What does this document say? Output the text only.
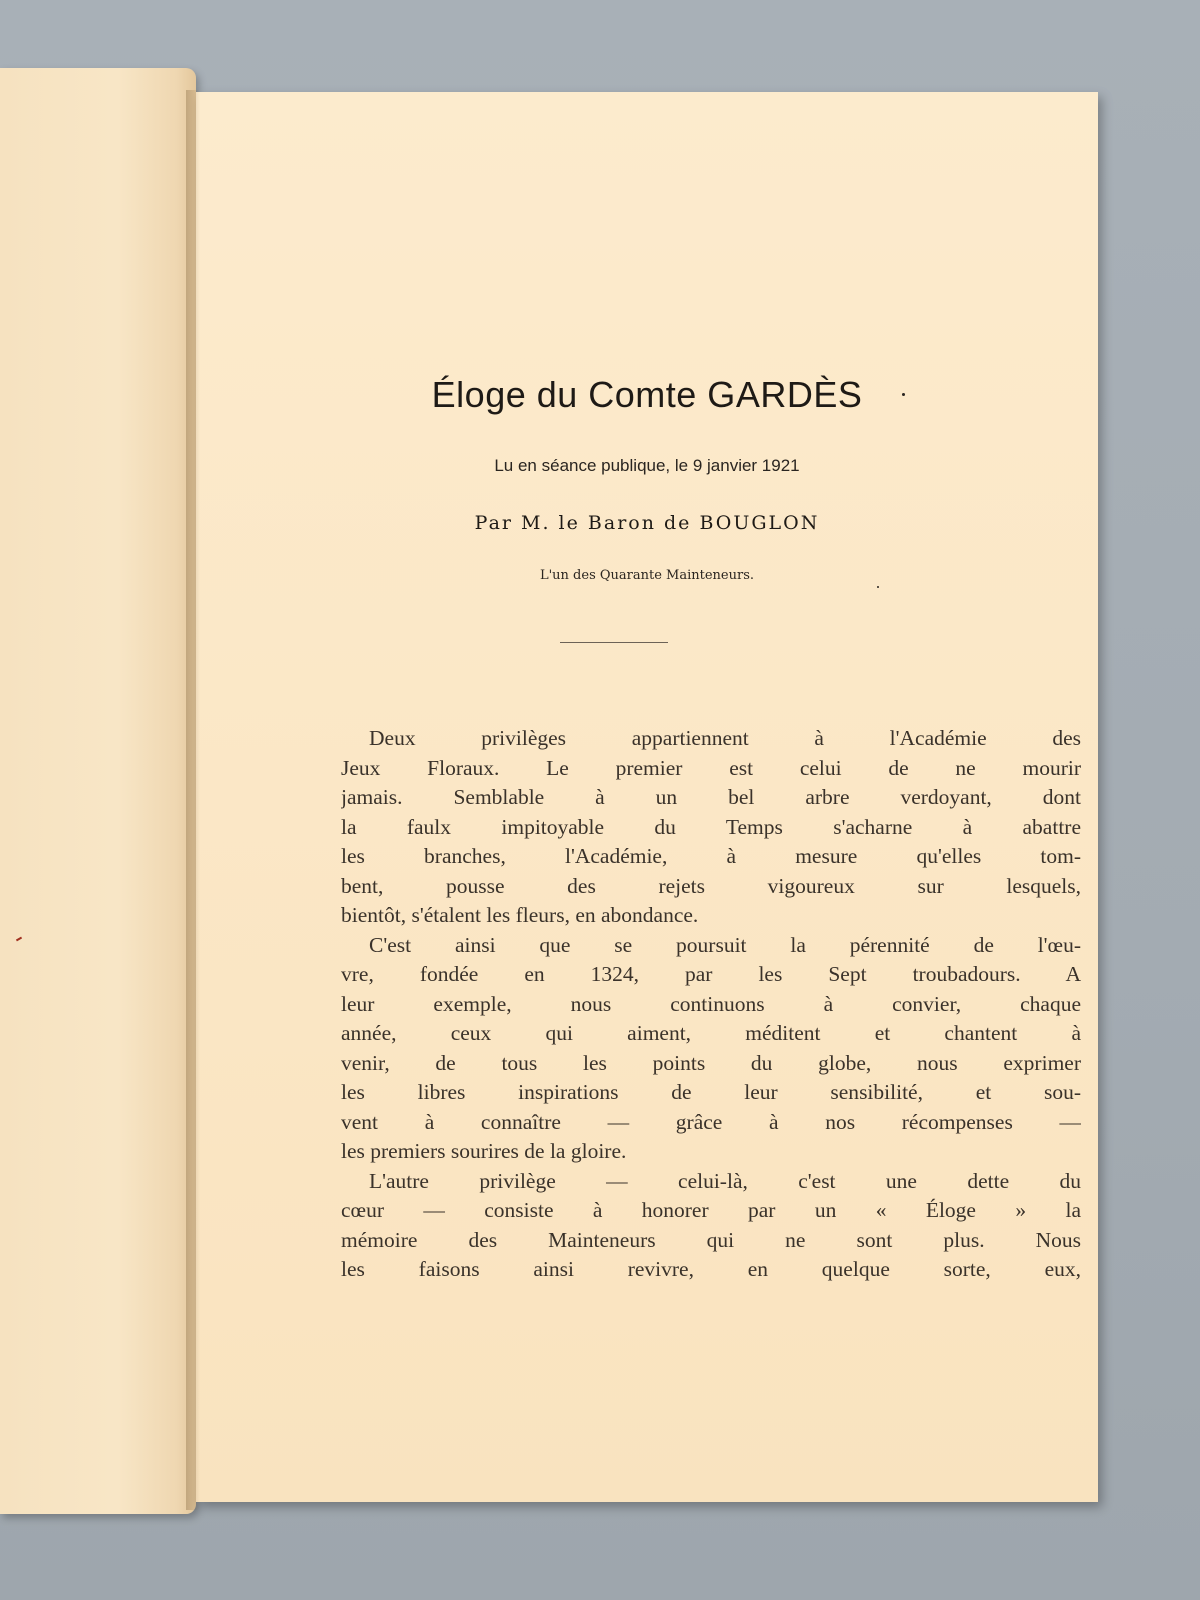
Éloge du Comte GARDÈS
Lu en séance publique, le 9 janvier 1921
Par M. le Baron de BOUGLON
L'un des Quarante Mainteneurs.
Deux privilèges appartiennent à l'Académie des
Jeux Floraux. Le premier est celui de ne mourir
jamais. Semblable à un bel arbre verdoyant, dont
la faulx impitoyable du Temps s'acharne à abattre
les branches, l'Académie, à mesure qu'elles tom-
bent, pousse des rejets vigoureux sur lesquels,
bientôt, s'étalent les fleurs, en abondance.
C'est ainsi que se poursuit la pérennité de l'œu-
vre, fondée en 1324, par les Sept troubadours. A
leur exemple, nous continuons à convier, chaque
année, ceux qui aiment, méditent et chantent à
venir, de tous les points du globe, nous exprimer
les libres inspirations de leur sensibilité, et sou-
vent à connaître — grâce à nos récompenses —
les premiers sourires de la gloire.
L'autre privilège — celui-là, c'est une dette du
cœur — consiste à honorer par un « Éloge » la
mémoire des Mainteneurs qui ne sont plus. Nous
les faisons ainsi revivre, en quelque sorte, eux,
